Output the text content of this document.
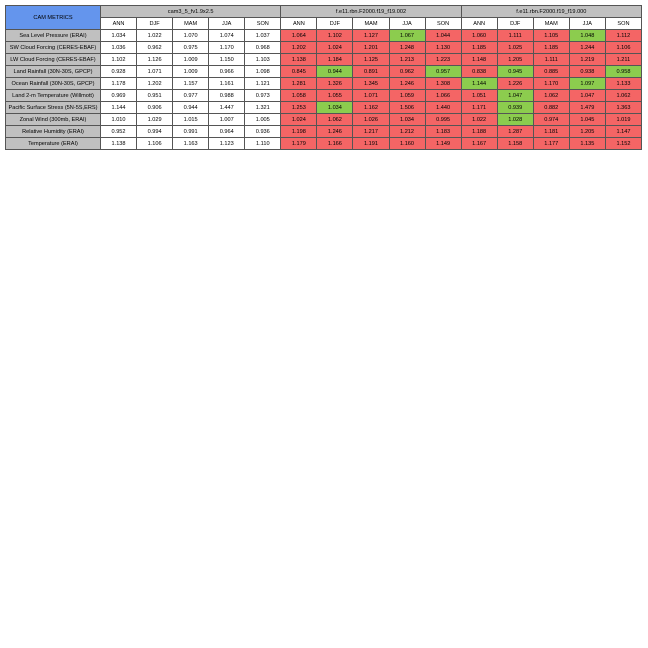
CAM METRICS	cam3_5_fv1.9x2.5					f.e11.rbn.F2000.f19_f19.002					f.e11.rbn.F2000.f19_f19.000				
	ANN	DJF	MAM	JJA	SON	ANN	DJF	MAM	JJA	SON	ANN	DJF	MAM	JJA	SON
Sea Level Pressure (ERAI)	1.034	1.022	1.070	1.074	1.037	1.064	1.102	1.127	1.067	1.044	1.060	1.111	1.105	1.048	1.112
SW Cloud Forcing (CERES-EBAF)	1.036	0.962	0.975	1.170	0.968	1.202	1.024	1.201	1.248	1.130	1.185	1.025	1.185	1.244	1.106
LW Cloud Forcing (CERES-EBAF)	1.102	1.126	1.009	1.150	1.103	1.138	1.184	1.125	1.213	1.223	1.148	1.205	1.111	1.219	1.211
Land Rainfall (30N-30S, GPCP)	0.928	1.071	1.009	0.966	1.098	0.845	0.944	0.891	0.962	0.957	0.838	0.945	0.885	0.938	0.958
Ocean Rainfall (30N-30S, GPCP)	1.178	1.202	1.157	1.161	1.121	1.281	1.326	1.345	1.246	1.308	1.144	1.226	1.170	1.097	1.133
Land 2-m Temperature (Willmott)	0.969	0.951	0.977	0.988	0.973	1.058	1.055	1.071	1.059	1.066	1.051	1.047	1.062	1.047	1.062
Pacific Surface Stress (5N-5S,ERS)	1.144	0.906	0.944	1.447	1.321	1.253	1.034	1.162	1.506	1.440	1.171	0.939	0.882	1.479	1.363
Zonal Wind (300mb, ERAI)	1.010	1.029	1.015	1.007	1.005	1.024	1.062	1.026	1.034	0.995	1.022	1.028	0.974	1.045	1.019
Relative Humidity (ERAI)	0.952	0.994	0.991	0.964	0.936	1.198	1.246	1.217	1.212	1.183	1.188	1.287	1.181	1.205	1.147
Temperature (ERAI)	1.138	1.106	1.163	1.123	1.110	1.179	1.166	1.191	1.160	1.149	1.167	1.158	1.177	1.135	1.152
